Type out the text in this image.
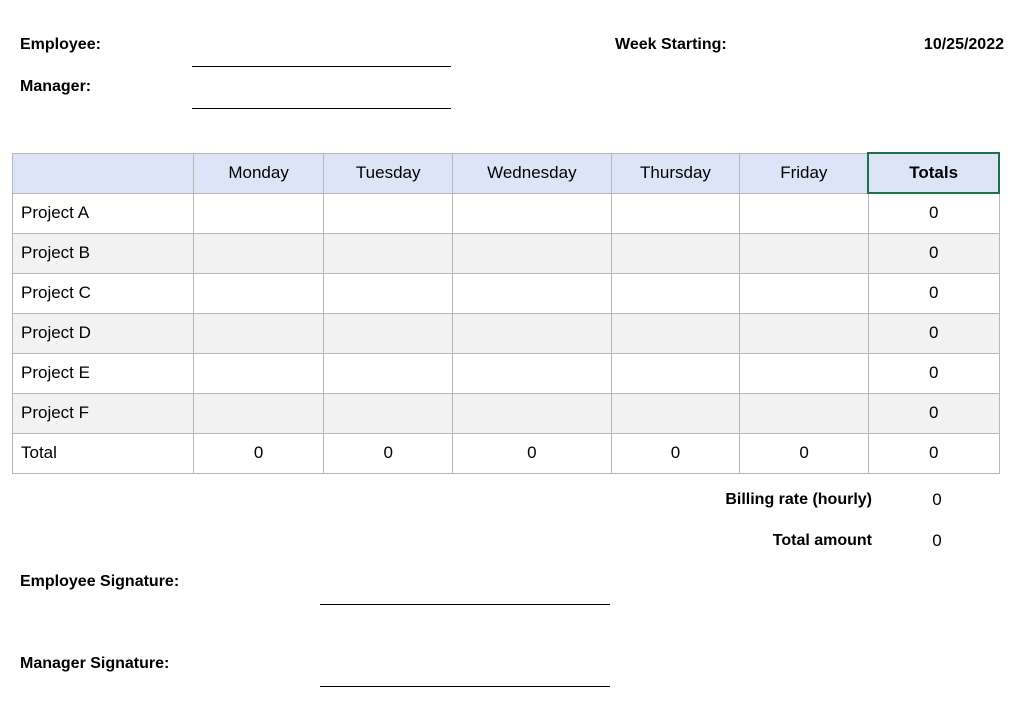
Employee:
Manager:
Week Starting:	10/25/2022
	Monday	Tuesday	Wednesday	Thursday	Friday	Totals
Project A						0
Project B						0
Project C						0
Project D						0
Project E						0
Project F						0
Total	0	0	0	0	0	0
Billing rate (hourly)	0
Total amount	0
Employee Signature:
Manager Signature:
